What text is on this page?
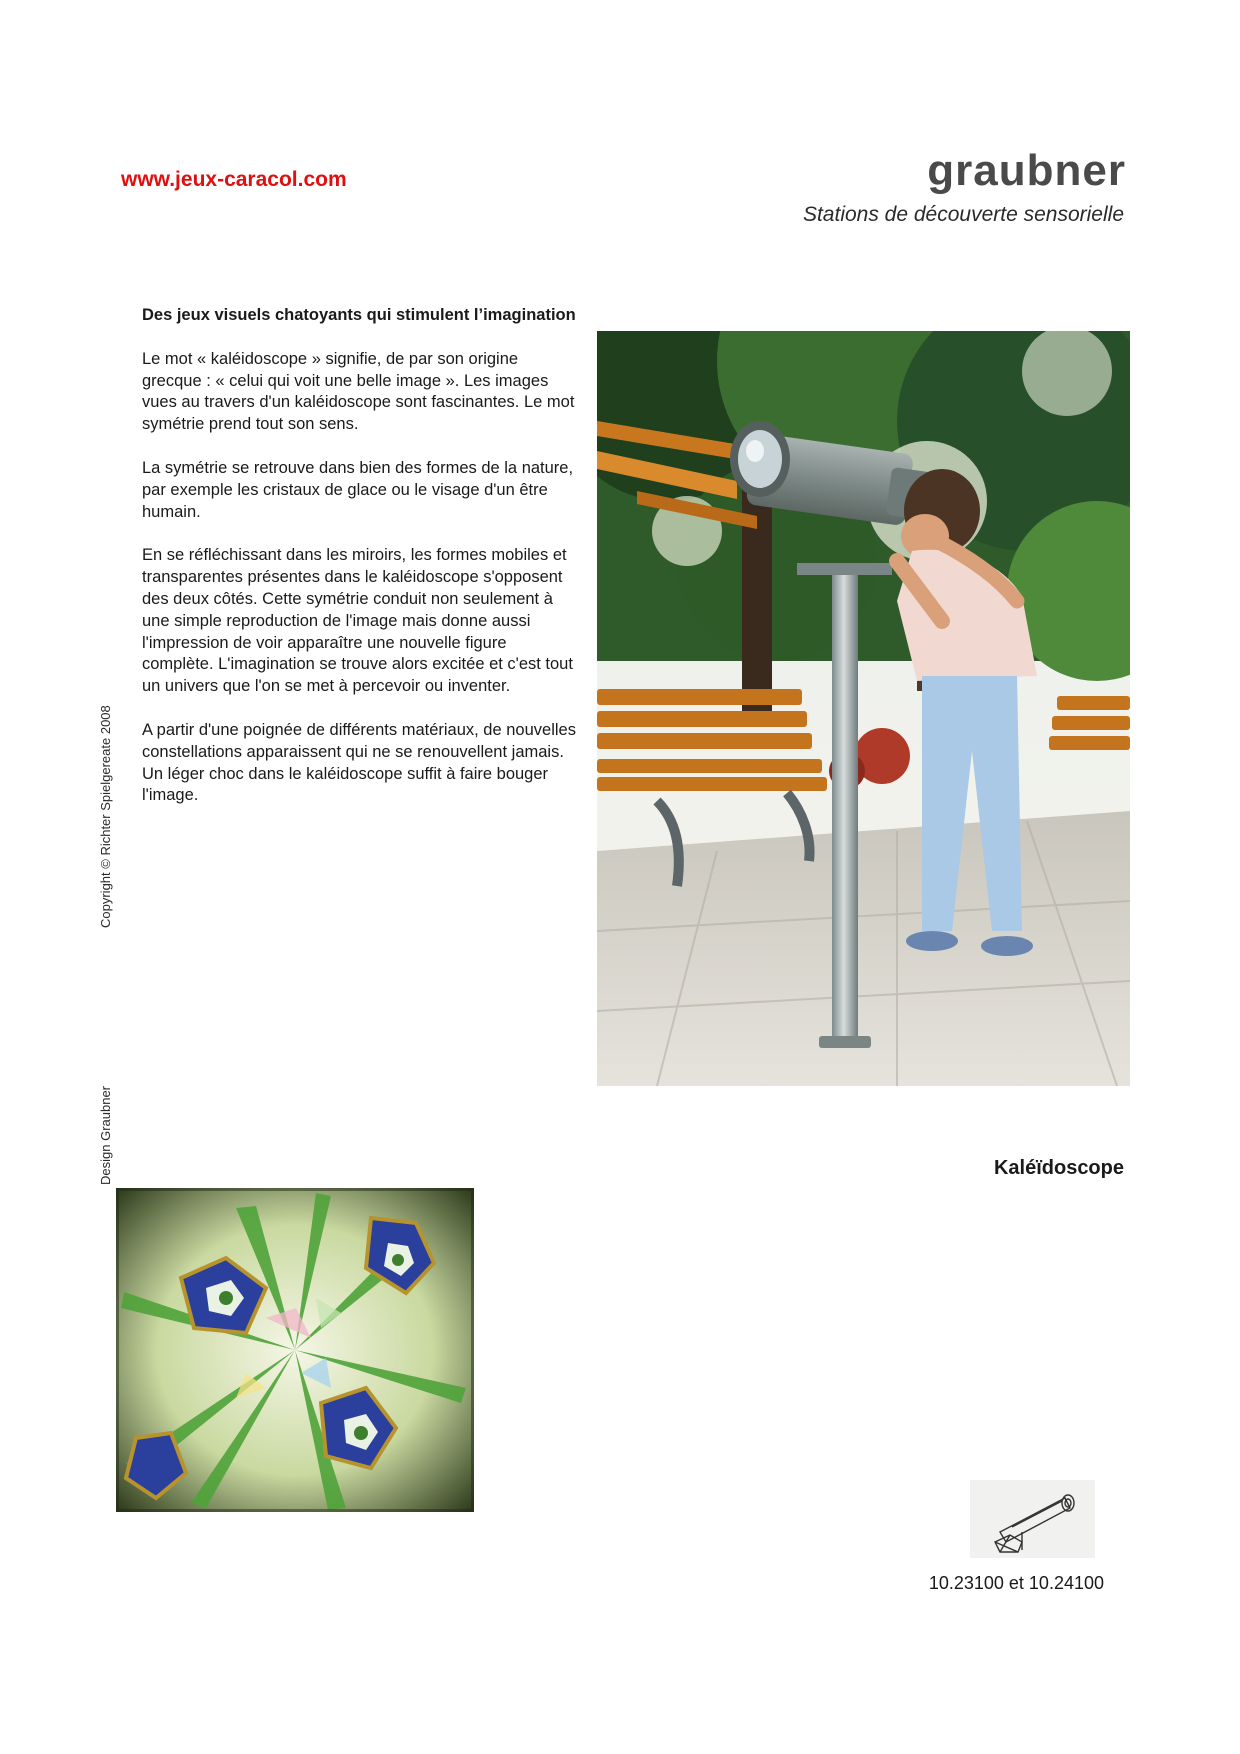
www.jeux-caracol.com	graubner
Stations de découverte sensorielle

Des jeux visuels chatoyants qui stimulent l’imagination

Le mot « kaléidoscope » signifie, de par son origine grecque : « celui qui voit une belle image ». Les images vues au travers d'un kaléidoscope sont fascinantes. Le mot symétrie prend tout son sens.

La symétrie se retrouve dans bien des formes de la nature, par exemple les cristaux de glace ou le visage d'un être humain.

En se réfléchissant dans les miroirs, les formes mobiles et transparentes présentes dans le kaléidoscope s'opposent des deux côtés. Cette symétrie conduit non seulement à une simple reproduction de l'image mais donne aussi l'impression de voir apparaître une nouvelle figure complète. L'imagination se trouve alors excitée et c'est tout un univers que l'on se met à percevoir ou inventer.

A partir d'une poignée de différents matériaux, de nouvelles constellations apparaissent qui ne se renouvellent jamais. Un léger choc dans le kaléidoscope suffit à faire bouger l'image.

Copyright © Richter Spielgereate 2008
Design Graubner	Kaléïdoscope
10.23100 et 10.24100
